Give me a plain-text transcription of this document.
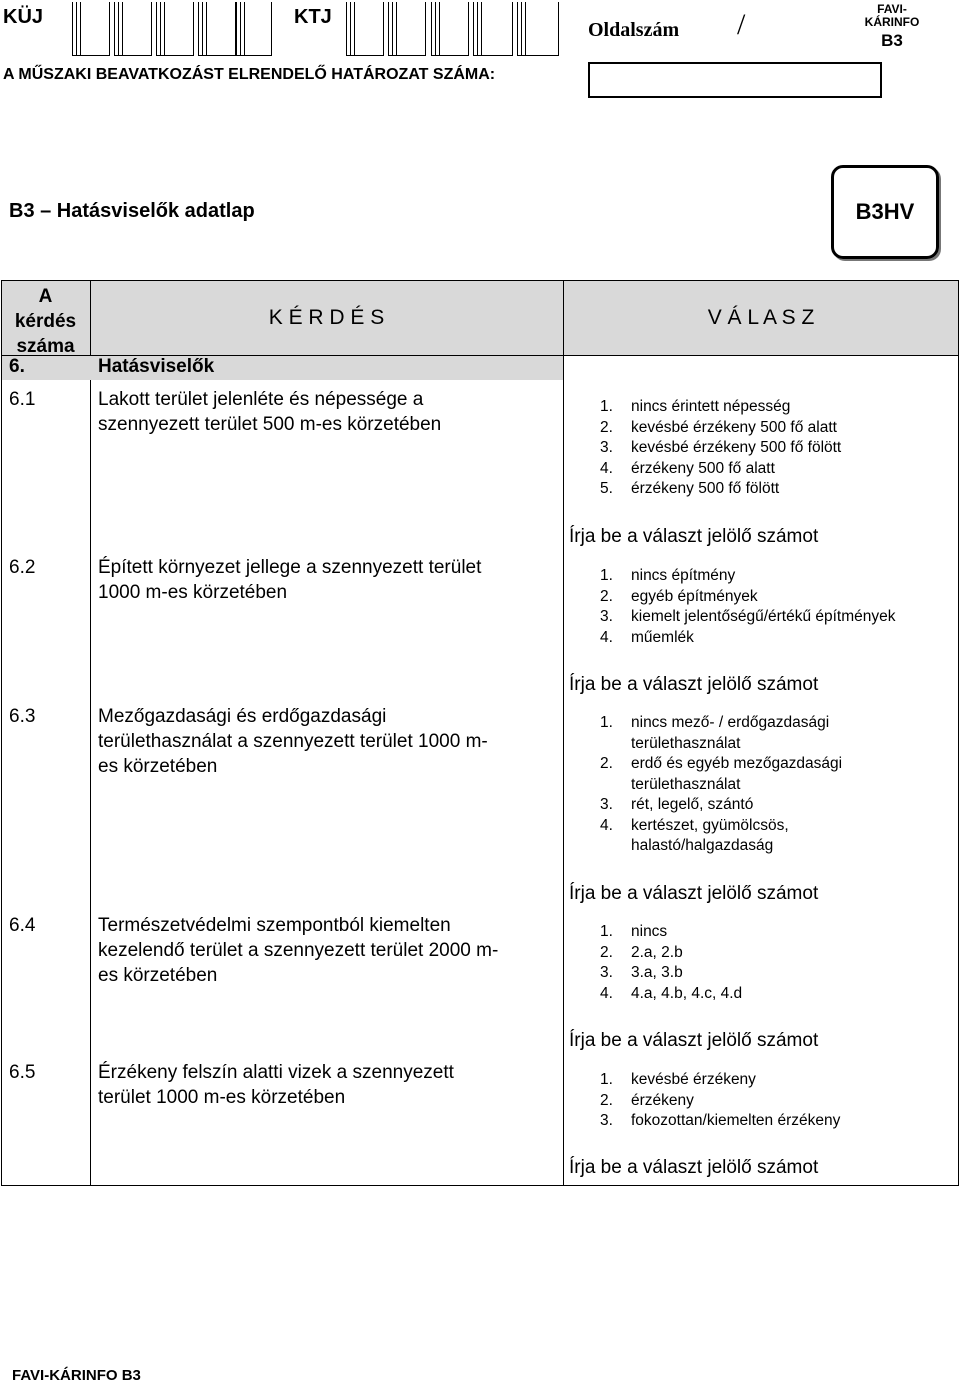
KÜJ	KTJ
Oldalszám /	FAVI-
KÁRINFO
B3
A MŰSZAKI BEAVATKOZÁST ELRENDELŐ HATÁROZAT SZÁMA:
B3 – Hatásviselők adatlap	B3HV
A
kérdés
száma
K É R D É S	V Á L A S Z
6.	Hatásviselők
6.1	Lakott terület jelenléte és népessége a
szennyezett terület 500 m-es körzetében
1.	nincs érintett népesség
2.	kevésbé érzékeny 500 fő alatt
3.	kevésbé érzékeny 500 fő fölött
4.	érzékeny 500 fő alatt
5.	érzékeny 500 fő fölött
Írja be a választ jelölő számot
6.2	Épített környezet jellege a szennyezett terület
1000 m-es körzetében
1.	nincs építmény
2.	egyéb építmények
3.	kiemelt jelentőségű/értékű építmények
4.	műemlék
Írja be a választ jelölő számot
6.3	Mezőgazdasági és erdőgazdasági
területhasználat a szennyezett terület 1000 m-
es körzetében
1.	nincs mező- / erdőgazdasági
területhasználat
2.	erdő és egyéb mezőgazdasági
területhasználat
3.	rét, legelő, szántó
4.	kertészet, gyümölcsös,
halastó/halgazdaság
Írja be a választ jelölő számot
6.4	Természetvédelmi szempontból kiemelten
kezelendő terület a szennyezett terület 2000 m-
es körzetében
1.	nincs
2.	2.a, 2.b
3.	3.a, 3.b
4.	4.a, 4.b, 4.c, 4.d
Írja be a választ jelölő számot
6.5	Érzékeny felszín alatti vizek a szennyezett
terület 1000 m-es körzetében
1.	kevésbé érzékeny
2.	érzékeny
3.	fokozottan/kiemelten érzékeny
Írja be a választ jelölő számot
FAVI-KÁRINFO B3
